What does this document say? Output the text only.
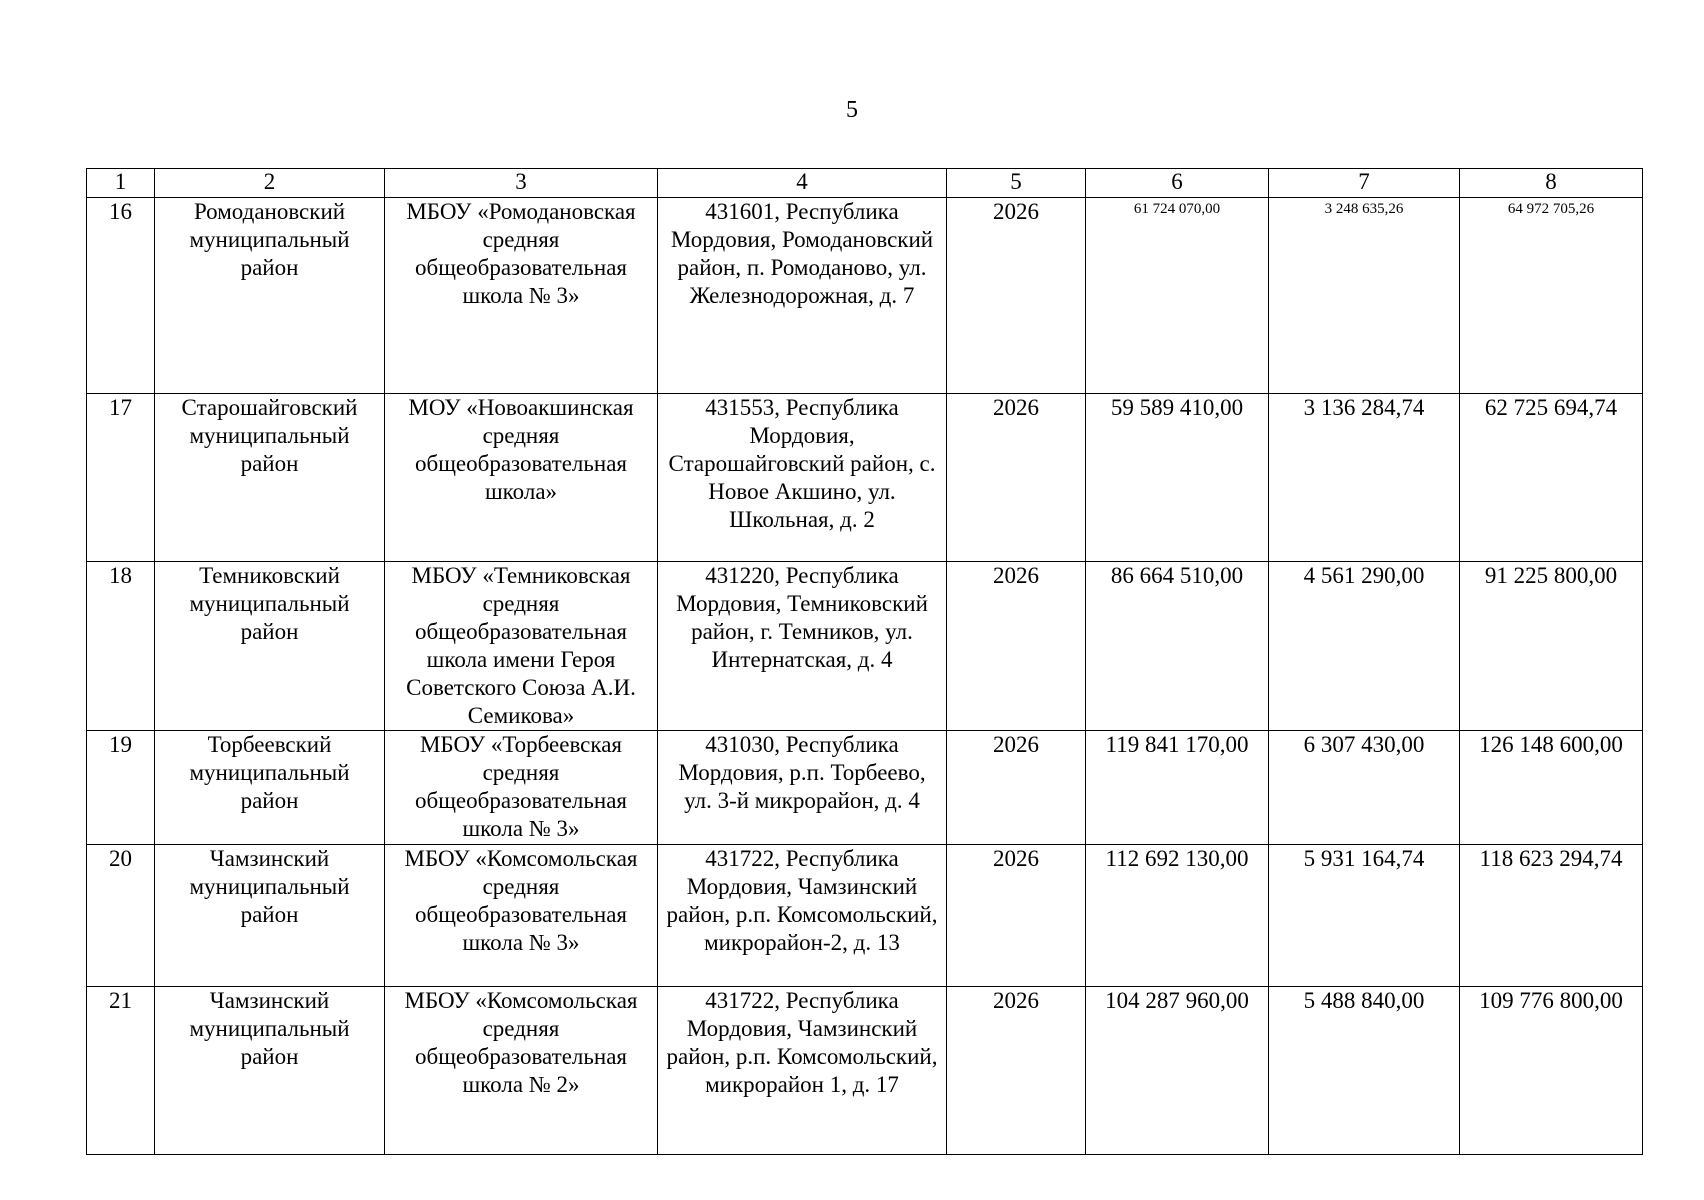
5
1	2	3	4	5	6	7	8
16	Ромодановский муниципальный район	МБОУ «Ромодановская средняя общеобразовательная школа № 3»	431601, Республика Мордовия, Ромодановский район, п. Ромоданово, ул. Железнодорожная, д. 7	2026	61 724 070,00	3 248 635,26	64 972 705,26
17	Старошайговский муниципальный район	МОУ «Новоакшинская средняя общеобразовательная школа»	431553, Республика Мордовия, Старошайговский район, с. Новое Акшино, ул. Школьная, д. 2	2026	59 589 410,00	3 136 284,74	62 725 694,74
18	Темниковский муниципальный район	МБОУ «Темниковская средняя общеобразовательная школа имени Героя Советского Союза А.И. Семикова»	431220, Республика Мордовия, Темниковский район, г. Темников, ул. Интернатская, д. 4	2026	86 664 510,00	4 561 290,00	91 225 800,00
19	Торбеевский муниципальный район	МБОУ «Торбеевская средняя общеобразовательная школа № 3»	431030, Республика Мордовия, р.п. Торбеево, ул. 3-й микрорайон, д. 4	2026	119 841 170,00	6 307 430,00	126 148 600,00
20	Чамзинский муниципальный район	МБОУ «Комсомольская средняя общеобразовательная школа № 3»	431722, Республика Мордовия, Чамзинский район, р.п. Комсомольский, микрорайон-2, д. 13	2026	112 692 130,00	5 931 164,74	118 623 294,74
21	Чамзинский муниципальный район	МБОУ «Комсомольская средняя общеобразовательная школа № 2»	431722, Республика Мордовия, Чамзинский район, р.п. Комсомольский, микрорайон 1, д. 17	2026	104 287 960,00	5 488 840,00	109 776 800,00
